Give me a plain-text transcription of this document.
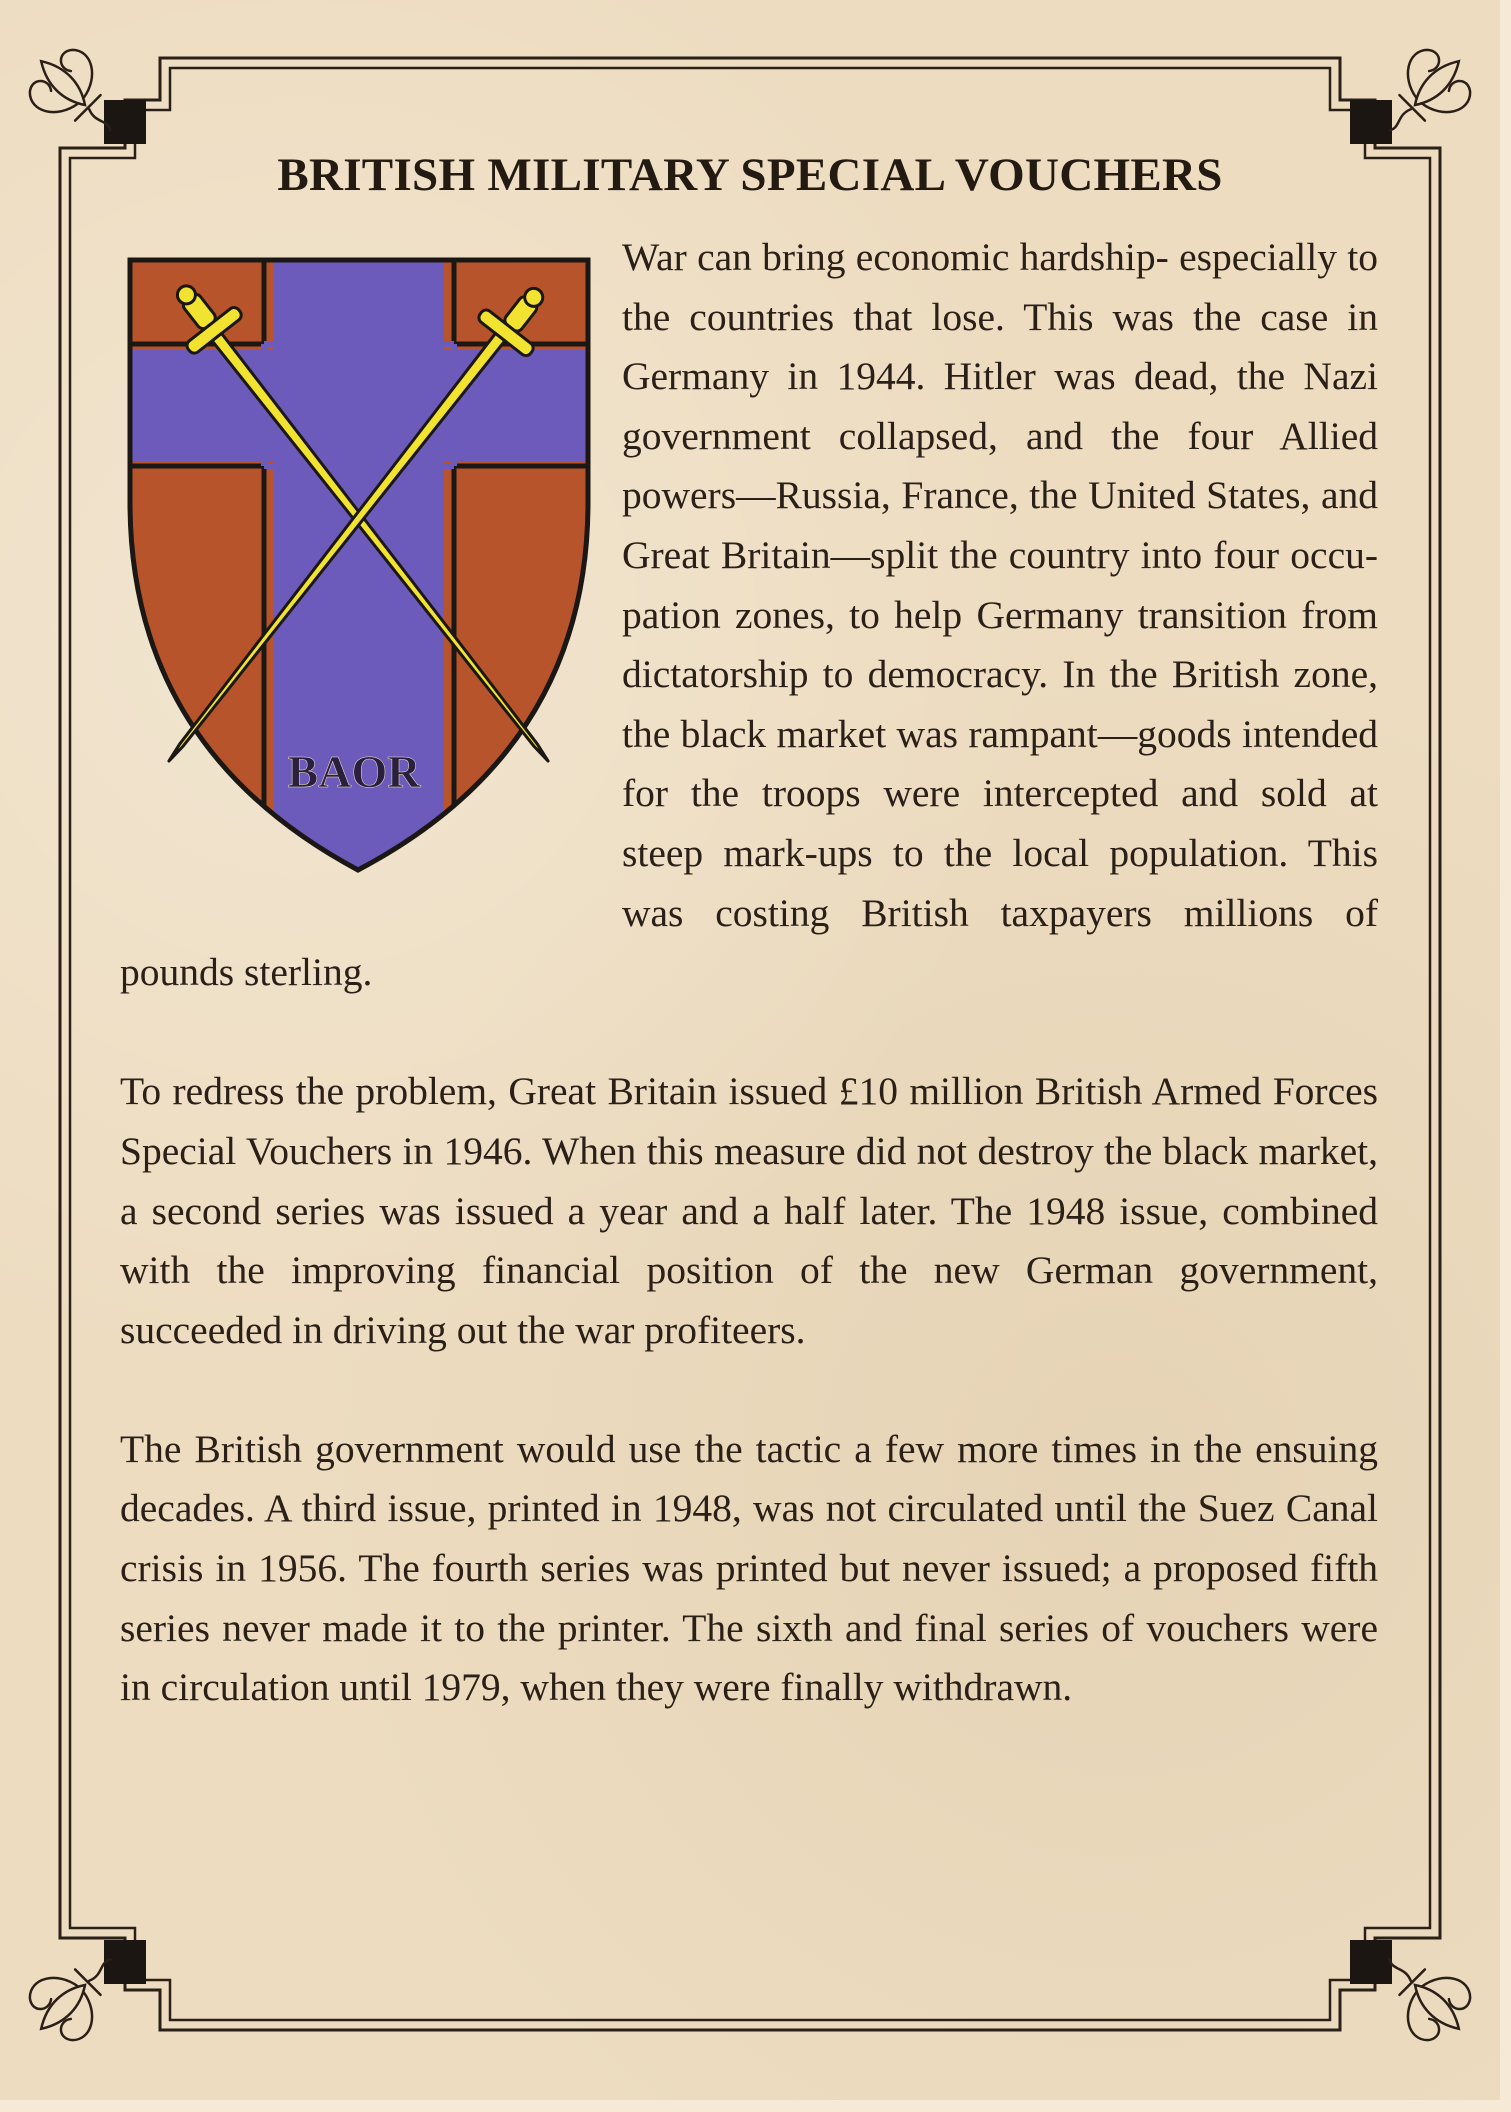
BRITISH MILITARY SPECIAL VOUCHERS
BAOR

War can bring economic hardship- especially to the countries that lose. This was the case in Germany in 1944. Hitler was dead, the Nazi government collapsed, and the four Allied powers—Russia, France, the United States, and Great Britain—split the country into four occu-pation zones, to help Germany transition from dictatorship to democracy. In the British zone, the black market was rampant—goods intended for the troops were intercepted and sold at steep mark-ups to the local population. This was costing British taxpayers millions of pounds sterling.

To redress the problem, Great Britain issued £10 million British Armed Forces Special Vouchers in 1946. When this measure did not destroy the black market, a second series was issued a year and a half later. The 1948 issue, combined with the improving financial position of the new German government, succeeded in driving out the war profiteers.

The British government would use the tactic a few more times in the ensuing decades. A third issue, printed in 1948, was not circulated until the Suez Canal crisis in 1956. The fourth series was printed but never issued; a proposed fifth series never made it to the printer. The sixth and final series of vouchers were in circulation until 1979, when they were finally withdrawn.
